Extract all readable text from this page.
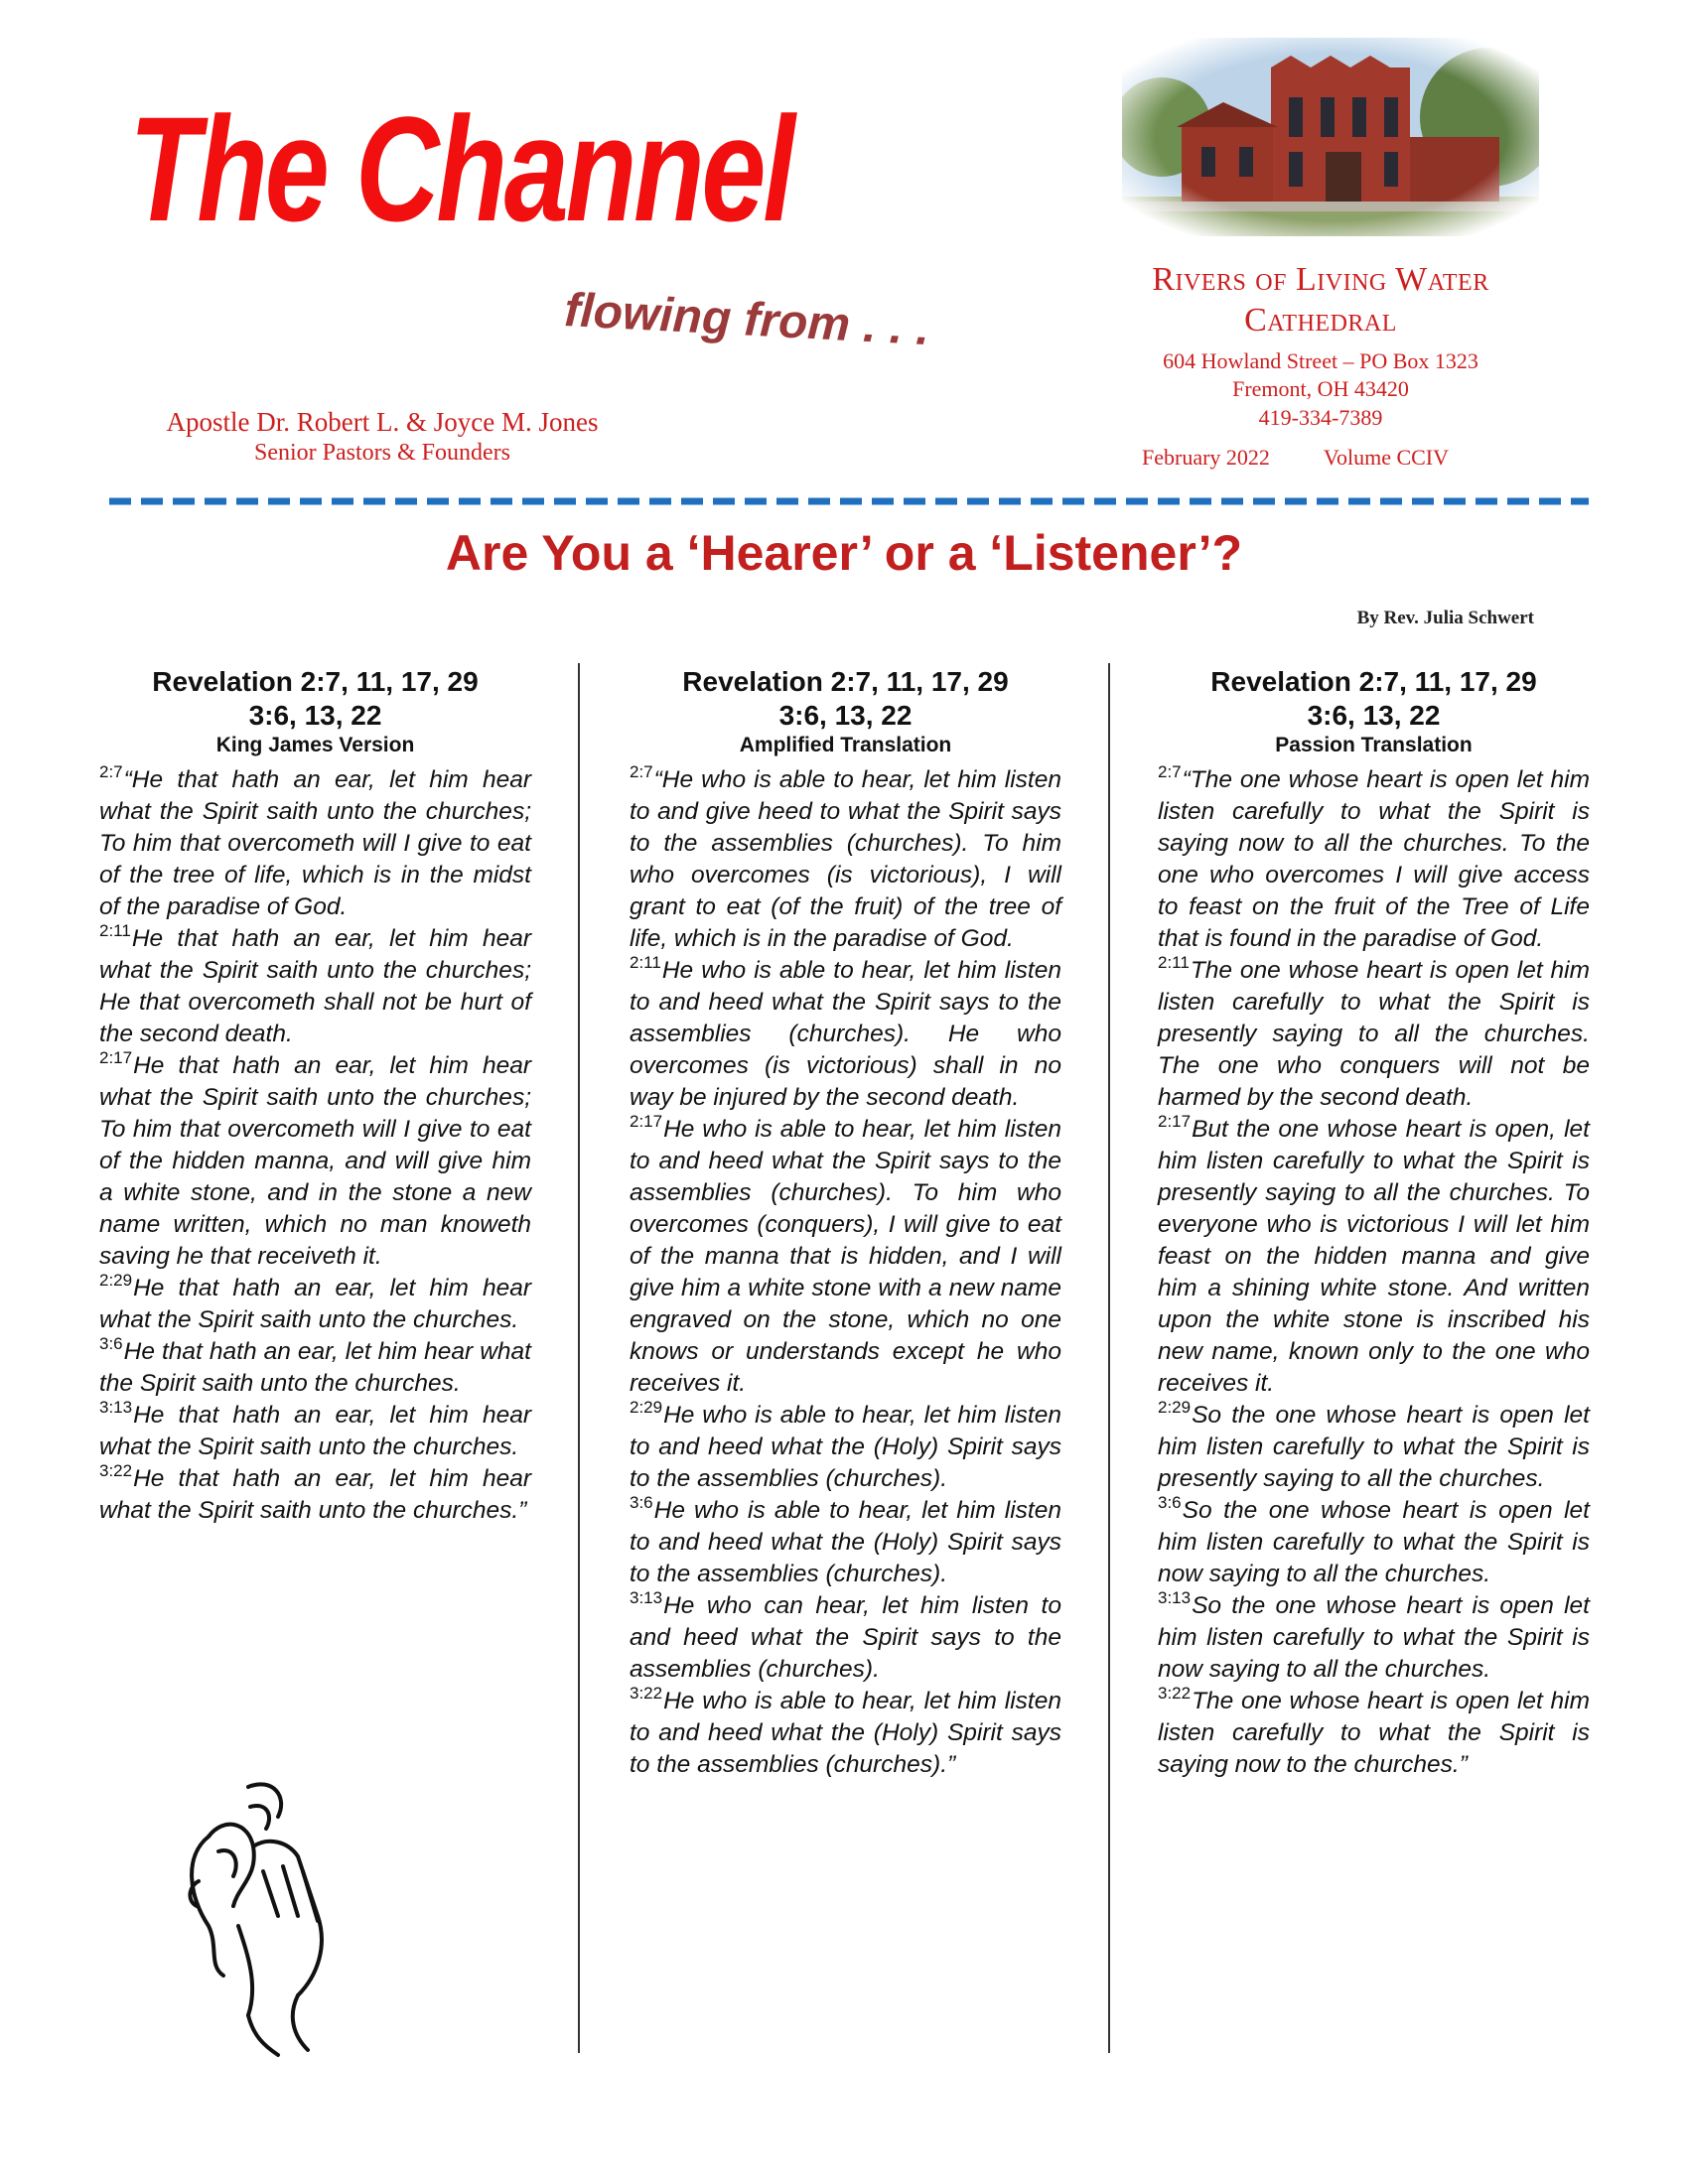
The Channel
flowing from . . .
Apostle Dr. Robert L. & Joyce M. Jones
Senior Pastors & Founders
Rivers of Living Water
Cathedral
604 Howland Street – PO Box 1323
Fremont, OH 43420
419-334-7389
February 2022 Volume CCIV
Are You a ‘Hearer’ or a ‘Listener’?
By Rev. Julia Schwert
Revelation 2:7, 11, 17, 29
3:6, 13, 22
King James Version
$^{2:7}$“He that hath an ear, let him hear what the Spirit saith unto the churches; To him that overcometh will I give to eat of the tree of life, which is in the midst of the paradise of God.
$^{2:11}$He that hath an ear, let him hear what the Spirit saith unto the churches; He that overcometh shall not be hurt of the second death.
$^{2:17}$He that hath an ear, let him hear what the Spirit saith unto the churches; To him that overcometh will I give to eat of the hidden manna, and will give him a white stone, and in the stone a new name written, which no man knoweth saving he that receiveth it.
$^{2:29}$He that hath an ear, let him hear what the Spirit saith unto the churches.
$^{3:6}$He that hath an ear, let him hear what the Spirit saith unto the churches.
$^{3:13}$He that hath an ear, let him hear what the Spirit saith unto the churches.
$^{3:22}$He that hath an ear, let him hear what the Spirit saith unto the churches.”
Revelation 2:7, 11, 17, 29
3:6, 13, 22
Amplified Translation
$^{2:7}$“He who is able to hear, let him listen to and give heed to what the Spirit says to the assemblies (churches). To him who overcomes (is victorious), I will grant to eat (of the fruit) of the tree of life, which is in the paradise of God.
$^{2:11}$He who is able to hear, let him listen to and heed what the Spirit says to the assemblies (churches). He who overcomes (is victorious) shall in no way be injured by the second death.
$^{2:17}$He who is able to hear, let him listen to and heed what the Spirit says to the assemblies (churches). To him who overcomes (conquers), I will give to eat of the manna that is hidden, and I will give him a white stone with a new name engraved on the stone, which no one knows or understands except he who receives it.
$^{2:29}$He who is able to hear, let him listen to and heed what the (Holy) Spirit says to the assemblies (churches).
$^{3:6}$He who is able to hear, let him listen to and heed what the (Holy) Spirit says to the assemblies (churches).
$^{3:13}$He who can hear, let him listen to and heed what the Spirit says to the assemblies (churches).
$^{3:22}$He who is able to hear, let him listen to and heed what the (Holy) Spirit says to the assemblies (churches).”
Revelation 2:7, 11, 17, 29
3:6, 13, 22
Passion Translation
$^{2:7}$“The one whose heart is open let him listen carefully to what the Spirit is saying now to all the churches. To the one who overcomes I will give access to feast on the fruit of the Tree of Life that is found in the paradise of God.
$^{2:11}$The one whose heart is open let him listen carefully to what the Spirit is presently saying to all the churches. The one who conquers will not be harmed by the second death.
$^{2:17}$But the one whose heart is open, let him listen carefully to what the Spirit is presently saying to all the churches. To everyone who is victorious I will let him feast on the hidden manna and give him a shining white stone. And written upon the white stone is inscribed his new name, known only to the one who receives it.
$^{2:29}$So the one whose heart is open let him listen carefully to what the Spirit is presently saying to all the churches.
$^{3:6}$So the one whose heart is open let him listen carefully to what the Spirit is now saying to all the churches.
$^{3:13}$So the one whose heart is open let him listen carefully to what the Spirit is now saying to all the churches.
$^{3:22}$The one whose heart is open let him listen carefully to what the Spirit is saying now to the churches.”
